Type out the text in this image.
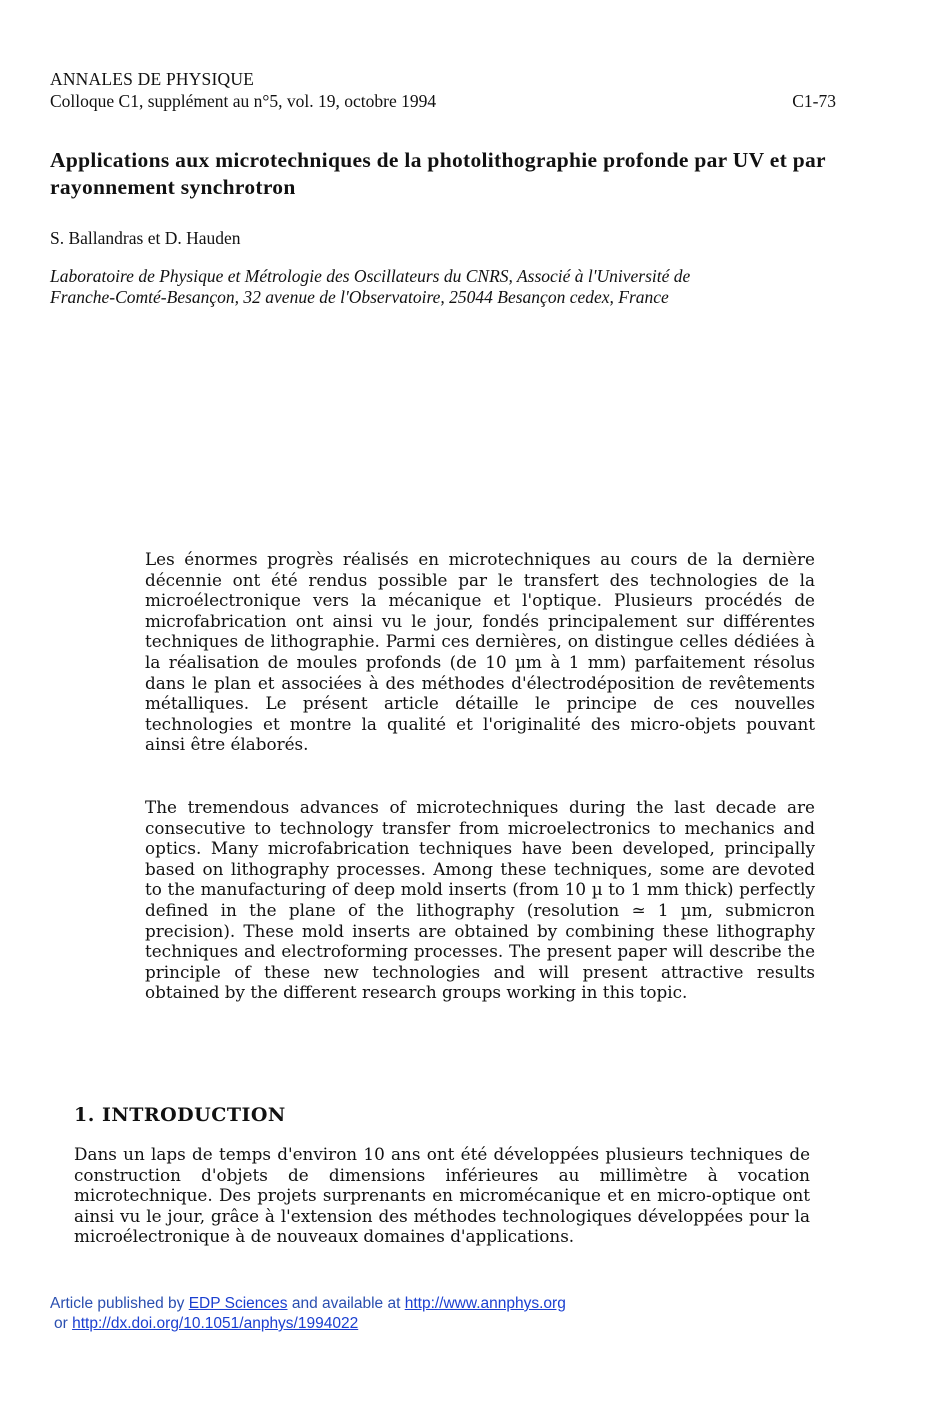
ANNALES DE PHYSIQUE
Colloque C1, supplément au n°5, vol. 19, octobre 1994	C1-73
Applications aux microtechniques de la photolithographie profonde par UV et par rayonnement synchrotron
S. Ballandras et D. Hauden
Laboratoire de Physique et Métrologie des Oscillateurs du CNRS, Associé à l'Université de
Franche-Comté-Besançon, 32 avenue de l'Observatoire, 25044 Besançon cedex, France

Les énormes progrès réalisés en microtechniques au cours de la dernière décennie ont été rendus possible par le transfert des technologies de la microélectronique vers la mécanique et l'optique. Plusieurs procédés de microfabrication ont ainsi vu le jour, fondés principalement sur différentes techniques de lithographie. Parmi ces dernières, on distingue celles dédiées à la réalisation de moules profonds (de 10 µm à 1 mm) parfaitement résolus dans le plan et associées à des méthodes d'électrodéposition de revêtements métalliques. Le présent article détaille le principe de ces nouvelles technologies et montre la qualité et l'originalité des micro-objets pouvant ainsi être élaborés.

The tremendous advances of microtechniques during the last decade are consecutive to technology transfer from microelectronics to mechanics and optics. Many microfabrication techniques have been developed, principally based on lithography processes. Among these techniques, some are devoted to the manufacturing of deep mold inserts (from 10 µ to 1 mm thick) perfectly defined in the plane of the lithography (resolution ≃ 1 µm, submicron precision). These mold inserts are obtained by combining these lithography techniques and electroforming processes. The present paper will describe the principle of these new technologies and will present attractive results obtained by the different research groups working in this topic.

1. INTRODUCTION

Dans un laps de temps d'environ 10 ans ont été développées plusieurs techniques de construction d'objets de dimensions inférieures au millimètre à vocation microtechnique. Des projets surprenants en micromécanique et en micro-optique ont ainsi vu le jour, grâce à l'extension des méthodes technologiques développées pour la microélectronique à de nouveaux domaines d'applications.

Article published by EDP Sciences and available at http://www.annphys.org
or http://dx.doi.org/10.1051/anphys/1994022
